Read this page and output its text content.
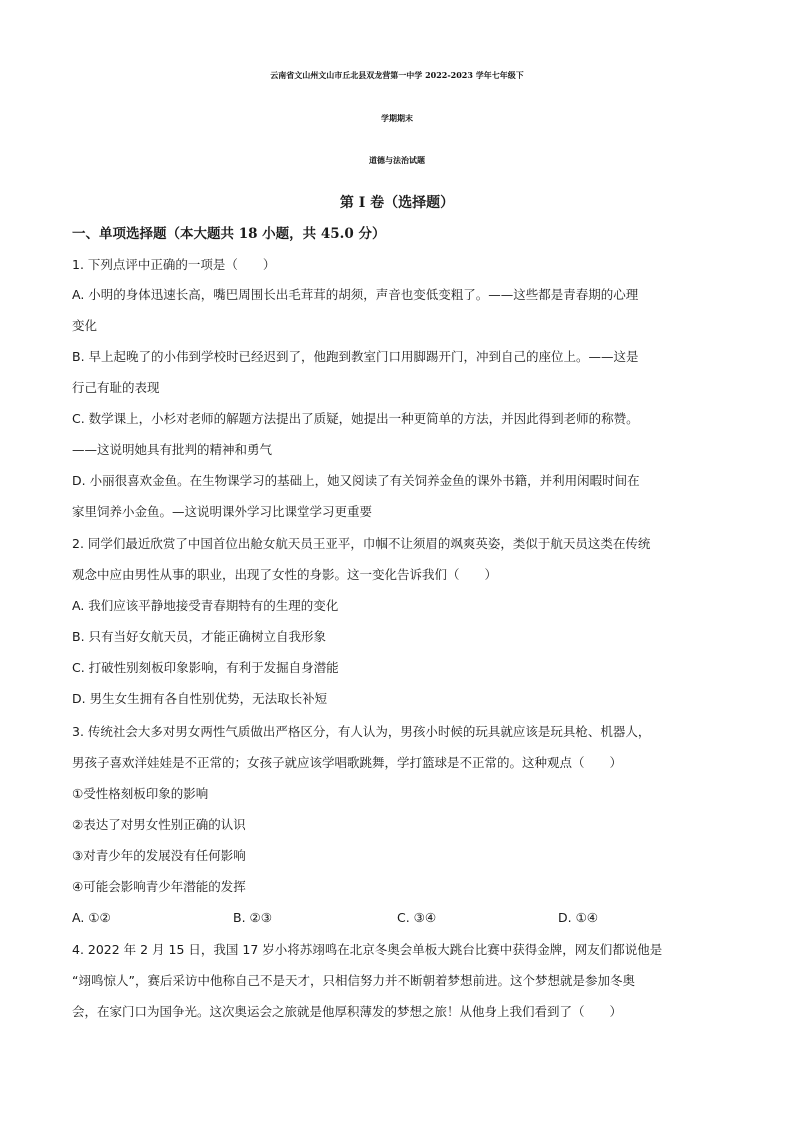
云南省文山州文山市丘北县双龙营第一中学 2022-2023 学年七年级下
学期期末
道德与法治试题
第 I 卷（选择题）
一、单项选择题（本大题共 18 小题，共 45.0 分）
1. 下列点评中正确的一项是（　　）
A. 小明的身体迅速长高，嘴巴周围长出毛茸茸的胡须，声音也变低变粗了。——这些都是青春期的心理
变化
B. 早上起晚了的小伟到学校时已经迟到了，他跑到教室门口用脚踢开门，冲到自己的座位上。——这是
行己有耻的表现
C. 数学课上，小杉对老师的解题方法提出了质疑，她提出一种更简单的方法，并因此得到老师的称赞。
——这说明她具有批判的精神和勇气
D. 小丽很喜欢金鱼。在生物课学习的基础上，她又阅读了有关饲养金鱼的课外书籍，并利用闲暇时间在
家里饲养小金鱼。—这说明课外学习比课堂学习更重要
2. 同学们最近欣赏了中国首位出舱女航天员王亚平，巾帼不让须眉的飒爽英姿，类似于航天员这类在传统
观念中应由男性从事的职业，出现了女性的身影。这一变化告诉我们（　　）
A. 我们应该平静地接受青春期特有的生理的变化
B. 只有当好女航天员，才能正确树立自我形象
C. 打破性别刻板印象影响，有利于发掘自身潜能
D. 男生女生拥有各自性别优势，无法取长补短
3. 传统社会大多对男女两性气质做出严格区分，有人认为，男孩小时候的玩具就应该是玩具枪、机器人，
男孩子喜欢洋娃娃是不正常的；女孩子就应该学唱歌跳舞，学打篮球是不正常的。这种观点（　　）
①受性格刻板印象的影响
②表达了对男女性别正确的认识
③对青少年的发展没有任何影响
④可能会影响青少年潜能的发挥
A. ①②	B. ②③	C. ③④	D. ①④
4. 2022 年 2 月 15 日，我国 17 岁小将苏翊鸣在北京冬奥会单板大跳台比赛中获得金牌，网友们都说他是
“翊鸣惊人”，赛后采访中他称自己不是天才，只相信努力并不断朝着梦想前进。这个梦想就是参加冬奥
会，在家门口为国争光。这次奥运会之旅就是他厚积薄发的梦想之旅！从他身上我们看到了（　　）
